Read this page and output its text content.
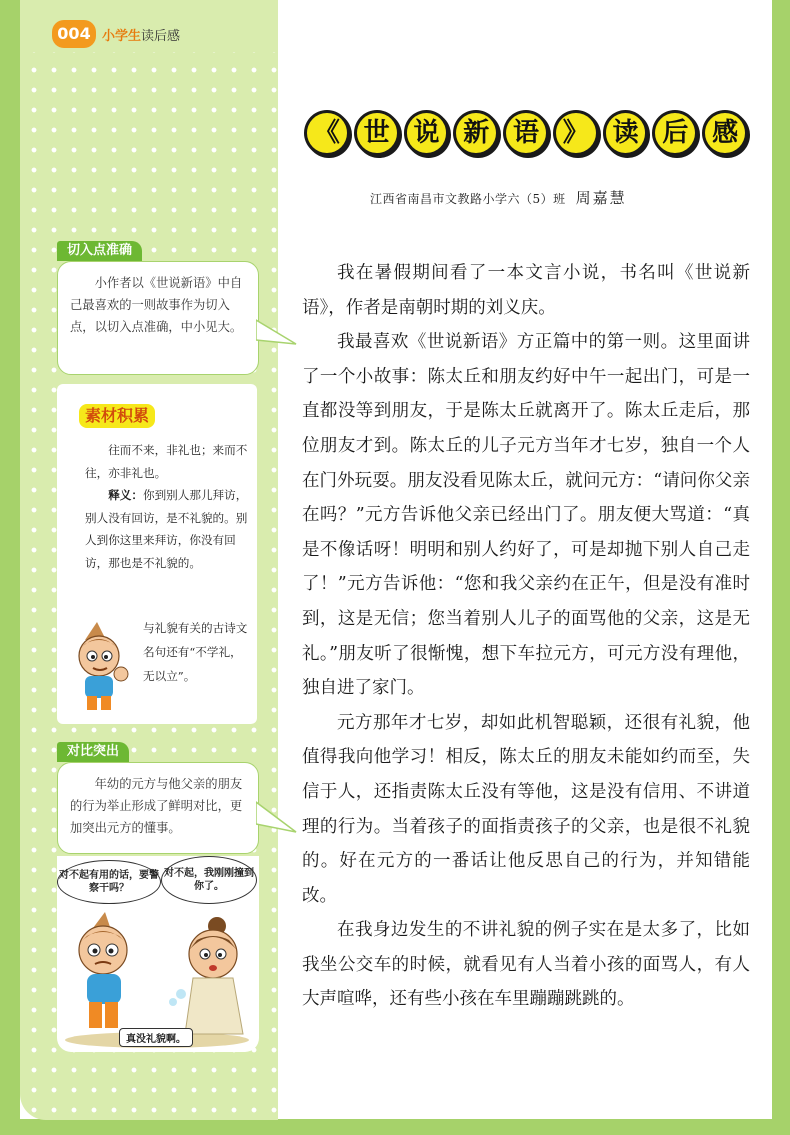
004 小学生读后感
《 世 说 新 语 》 读 后 感
江西省南昌市文教路小学六（5）班 周嘉慧

我在暑假期间看了一本文言小说，书名叫《世说新语》，作者是南朝时期的刘义庆。

我最喜欢《世说新语》方正篇中的第一则。这里面讲了一个小故事：陈太丘和朋友约好中午一起出门，可是一直都没等到朋友，于是陈太丘就离开了。陈太丘走后，那位朋友才到。陈太丘的儿子元方当年才七岁，独自一个人在门外玩耍。朋友没看见陈太丘，就问元方：“请问你父亲在吗？”元方告诉他父亲已经出门了。朋友便大骂道：“真是不像话呀！明明和别人约好了，可是却抛下别人自己走了！”元方告诉他：“您和我父亲约在正午，但是没有准时到，这是无信；您当着别人儿子的面骂他的父亲，这是无礼。”朋友听了很惭愧，想下车拉元方，可元方没有理他，独自进了家门。

元方那年才七岁，却如此机智聪颖，还很有礼貌，他值得我向他学习！相反，陈太丘的朋友未能如约而至，失信于人，还指责陈太丘没有等他，这是没有信用、不讲道理的行为。当着孩子的面指责孩子的父亲，也是很不礼貌的。好在元方的一番话让他反思自己的行为，并知错能改。

在我身边发生的不讲礼貌的例子实在是太多了，比如我坐公交车的时候，就看见有人当着小孩的面骂人，有人大声喧哗，还有些小孩在车里蹦蹦跳跳的。

切入点准确
小作者以《世说新语》中自己最喜欢的一则故事作为切入点，以切入点准确，中小见大。
素材积累
往而不来，非礼也；来而不往，亦非礼也。
释义：你到别人那儿拜访，别人没有回访，是不礼貌的。别人到你这里来拜访，你没有回访，那也是不礼貌的。
与礼貌有关的古诗文名句还有“不学礼，无以立”。
对比突出
年幼的元方与他父亲的朋友的行为举止形成了鲜明对比，更加突出元方的懂事。
对不起有用的话，要警察干吗？
对不起，我刚刚撞到你了。
真没礼貌啊。
